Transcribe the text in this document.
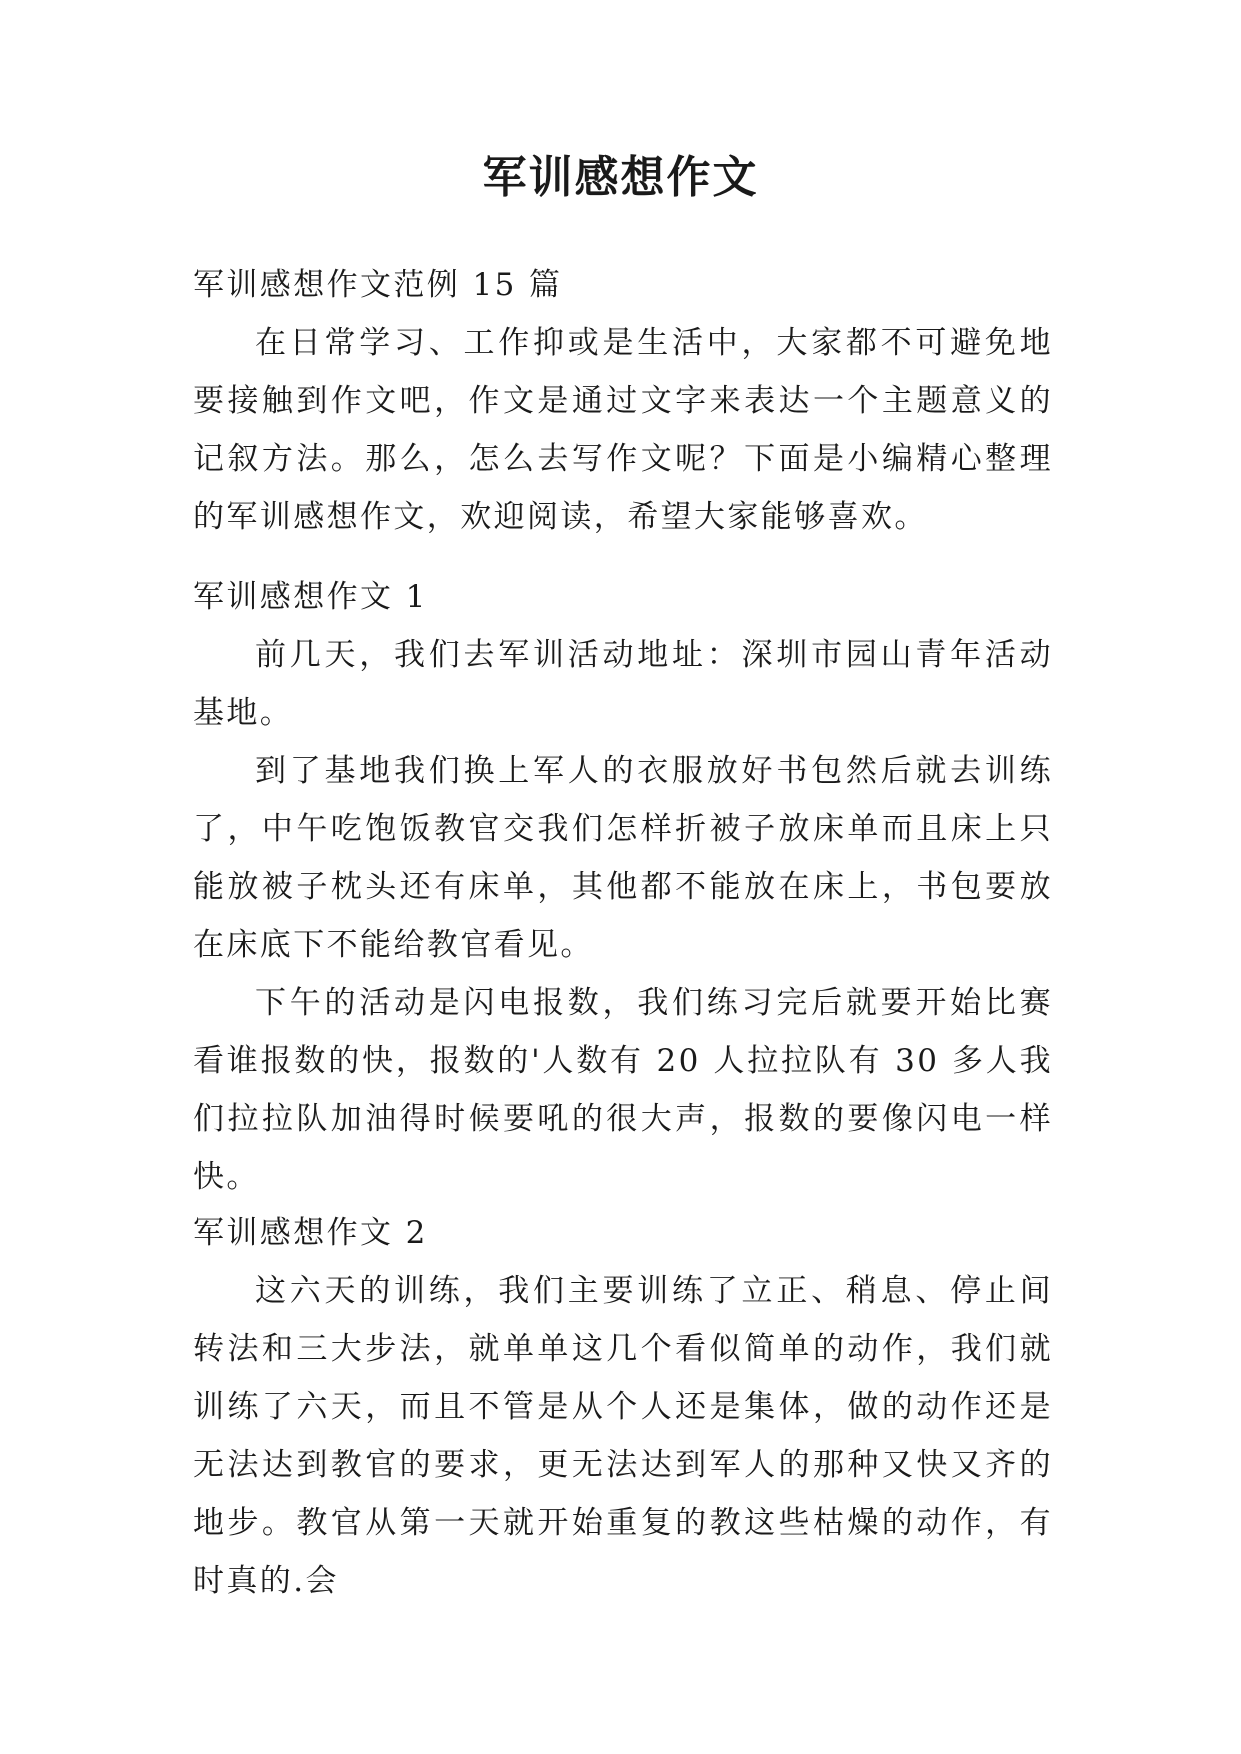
军训感想作文

军训感想作文范例 15 篇

在日常学习、工作抑或是生活中，大家都不可避免地要接触到作文吧，作文是通过文字来表达一个主题意义的记叙方法。那么，怎么去写作文呢？下面是小编精心整理的军训感想作文，欢迎阅读，希望大家能够喜欢。

军训感想作文 1

前几天，我们去军训活动地址：深圳市园山青年活动基地。

到了基地我们换上军人的衣服放好书包然后就去训练了，中午吃饱饭教官交我们怎样折被子放床单而且床上只能放被子枕头还有床单，其他都不能放在床上，书包要放在床底下不能给教官看见。

下午的活动是闪电报数，我们练习完后就要开始比赛看谁报数的快，报数的'人数有 20 人拉拉队有 30 多人我们拉拉队加油得时候要吼的很大声，报数的要像闪电一样快。

军训感想作文 2

这六天的训练，我们主要训练了立正、稍息、停止间转法和三大步法，就单单这几个看似简单的动作，我们就训练了六天，而且不管是从个人还是集体，做的动作还是无法达到教官的要求，更无法达到军人的那种又快又齐的地步。教官从第一天就开始重复的教这些枯燥的动作，有时真的.会
